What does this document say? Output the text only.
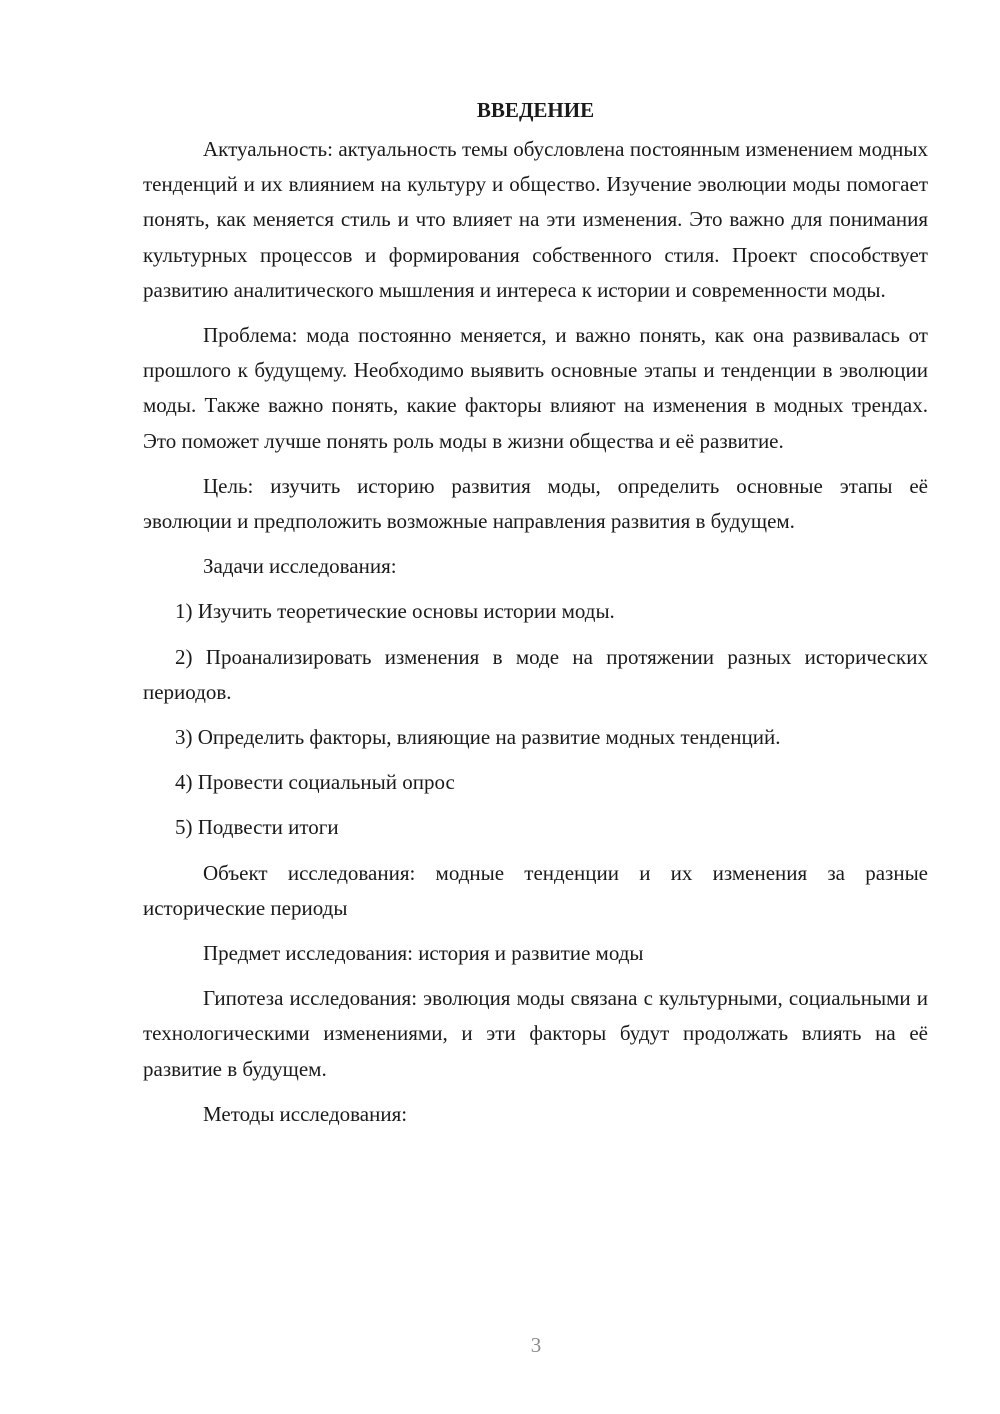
ВВЕДЕНИЕ

Актуальность: актуальность темы обусловлена постоянным изменением модных тенденций и их влиянием на культуру и общество. Изучение эволюции моды помогает понять, как меняется стиль и что влияет на эти изменения. Это важно для понимания культурных процессов и формирования собственного стиля. Проект способствует развитию аналитического мышления и интереса к истории и современности моды.

Проблема: мода постоянно меняется, и важно понять, как она развивалась от прошлого к будущему. Необходимо выявить основные этапы и тенденции в эволюции моды. Также важно понять, какие факторы влияют на изменения в модных трендах. Это поможет лучше понять роль моды в жизни общества и её развитие.

Цель: изучить историю развития моды, определить основные этапы её эволюции и предположить возможные направления развития в будущем.

Задачи исследования:

1) Изучить теоретические основы истории моды.

2) Проанализировать изменения в моде на протяжении разных исторических периодов.

3) Определить факторы, влияющие на развитие модных тенденций.

4) Провести социальный опрос

5) Подвести итоги

Объект исследования: модные тенденции и их изменения за разные исторические периоды

Предмет исследования: история и развитие моды

Гипотеза исследования: эволюция моды связана с культурными, социальными и технологическими изменениями, и эти факторы будут продолжать влиять на её развитие в будущем.

Методы исследования:

3
